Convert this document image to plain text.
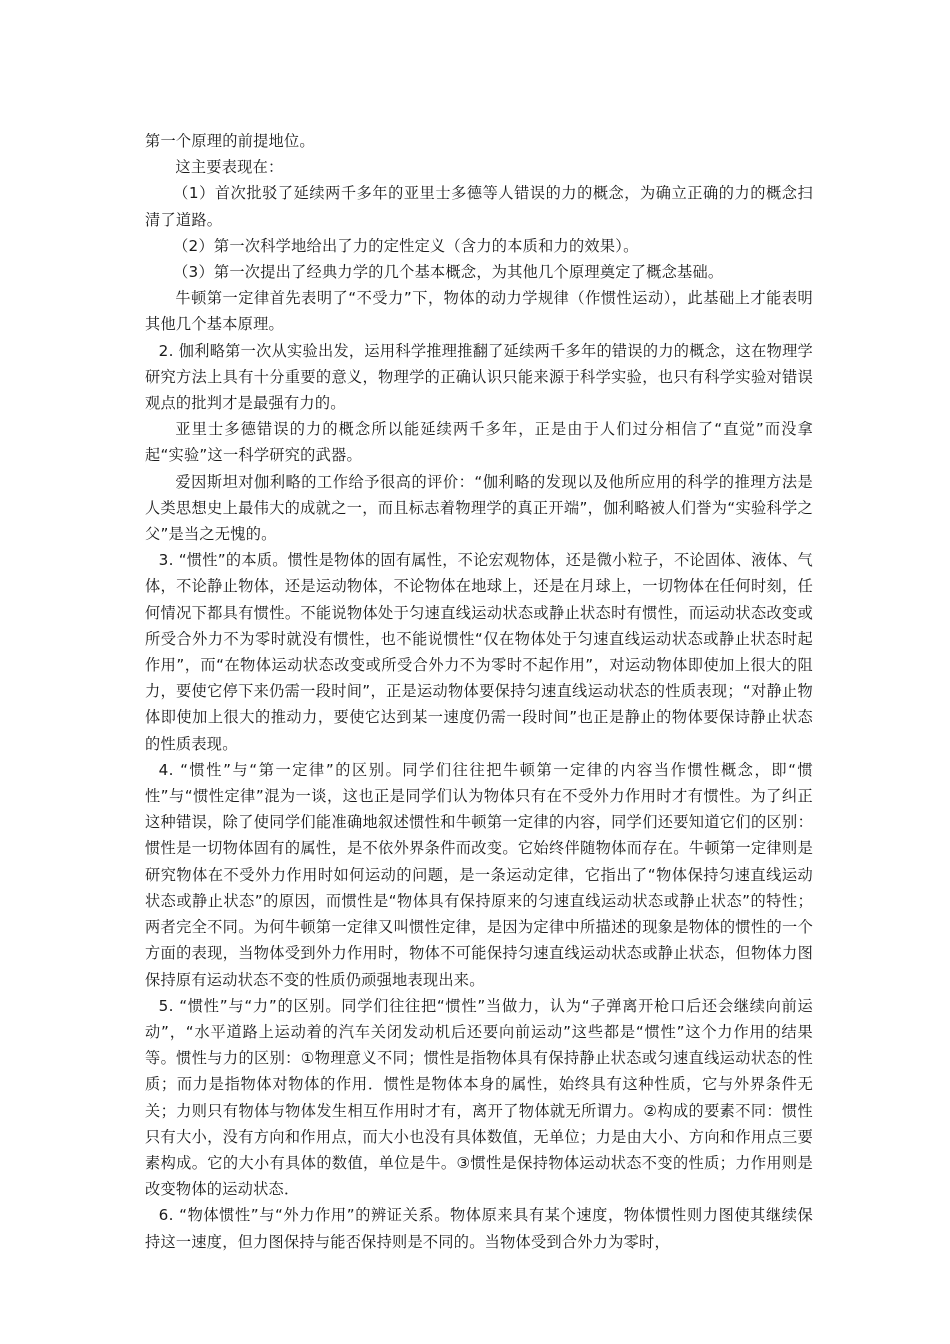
第一个原理的前提地位。

这主要表现在：

（1）首次批驳了延续两千多年的亚里士多德等人错误的力的概念，为确立正确的力的概念扫清了道路。

（2）第一次科学地给出了力的定性定义（含力的本质和力的效果）。

（3）第一次提出了经典力学的几个基本概念，为其他几个原理奠定了概念基础。

牛顿第一定律首先表明了“不受力”下，物体的动力学规律（作惯性运动），此基础上才能表明其他几个基本原理。

2. 伽利略第一次从实验出发，运用科学推理推翻了延续两千多年的错误的力的概念，这在物理学研究方法上具有十分重要的意义，物理学的正确认识只能来源于科学实验，也只有科学实验对错误观点的批判才是最强有力的。

亚里士多德错误的力的概念所以能延续两千多年，正是由于人们过分相信了“直觉”而没拿起“实验”这一科学研究的武器。

爱因斯坦对伽利略的工作给予很高的评价：“伽利略的发现以及他所应用的科学的推理方法是人类思想史上最伟大的成就之一，而且标志着物理学的真正开端”，伽利略被人们誉为“实验科学之父”是当之无愧的。

3. “惯性”的本质。惯性是物体的固有属性，不论宏观物体，还是微小粒子，不论固体、液体、气体，不论静止物体，还是运动物体，不论物体在地球上，还是在月球上，一切物体在任何时刻，任何情况下都具有惯性。不能说物体处于匀速直线运动状态或静止状态时有惯性，而运动状态改变或所受合外力不为零时就没有惯性，也不能说惯性“仅在物体处于匀速直线运动状态或静止状态时起作用”，而“在物体运动状态改变或所受合外力不为零时不起作用”，对运动物体即使加上很大的阻力，要使它停下来仍需一段时间”，正是运动物体要保持匀速直线运动状态的性质表现；“对静止物体即使加上很大的推动力，要使它达到某一速度仍需一段时间”也正是静止的物体要保诗静止状态的性质表现。

4. “惯性”与“第一定律”的区别。同学们往往把牛顿第一定律的内容当作惯性概念，即“惯性”与“惯性定律”混为一谈，这也正是同学们认为物体只有在不受外力作用时才有惯性。为了纠正这种错误，除了使同学们能准确地叙述惯性和牛顿第一定律的内容，同学们还要知道它们的区别：惯性是一切物体固有的属性，是不依外界条件而改变。它始终伴随物体而存在。牛顿第一定律则是研究物体在不受外力作用时如何运动的问题，是一条运动定律，它指出了“物体保持匀速直线运动状态或静止状态”的原因，而惯性是“物体具有保持原来的匀速直线运动状态或静止状态”的特性；两者完全不同。为何牛顿第一定律又叫惯性定律，是因为定律中所描述的现象是物体的惯性的一个方面的表现，当物体受到外力作用时，物体不可能保持匀速直线运动状态或静止状态，但物体力图保持原有运动状态不变的性质仍顽强地表现出来。

5. “惯性”与“力”的区别。同学们往往把“惯性”当做力，认为“子弹离开枪口后还会继续向前运动”，“水平道路上运动着的汽车关闭发动机后还要向前运动”这些都是“惯性”这个力作用的结果等。惯性与力的区别：①物理意义不同；惯性是指物体具有保持静止状态或匀速直线运动状态的性质；而力是指物体对物体的作用．惯性是物体本身的属性，始终具有这种性质，它与外界条件无关；力则只有物体与物体发生相互作用时才有，离开了物体就无所谓力。②构成的要素不同：惯性只有大小，没有方向和作用点，而大小也没有具体数值，无单位；力是由大小、方向和作用点三要素构成。它的大小有具体的数值，单位是牛。③惯性是保持物体运动状态不变的性质；力作用则是改变物体的运动状态．

6. “物体惯性”与“外力作用”的辨证关系。物体原来具有某个速度，物体惯性则力图使其继续保持这一速度，但力图保持与能否保持则是不同的。当物体受到合外力为零时，
